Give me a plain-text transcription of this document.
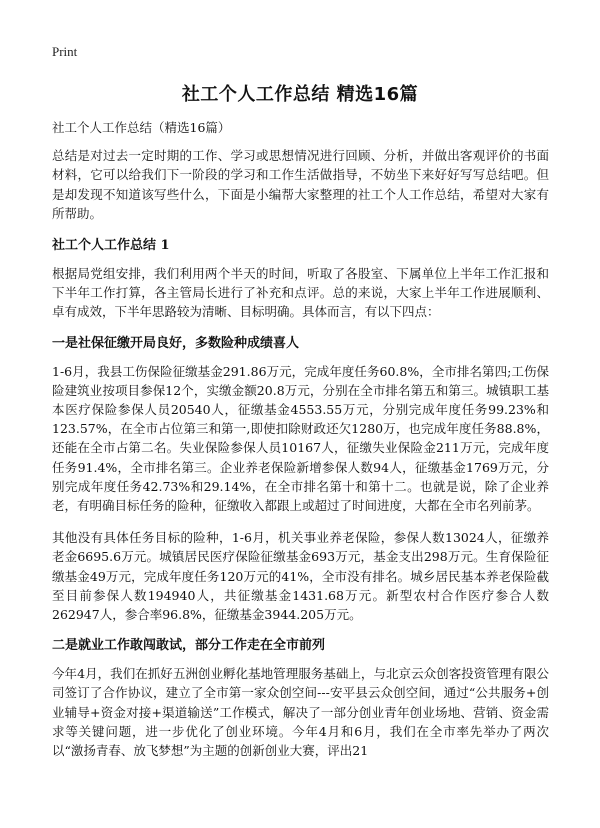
Print
社工个人工作总结 精选16篇

社工个人工作总结（精选16篇）

总结是对过去一定时期的工作、学习或思想情况进行回顾、分析，并做出客观评价的书面材料，它可以给我们下一阶段的学习和工作生活做指导，不妨坐下来好好写写总结吧。但是却发现不知道该写些什么，下面是小编帮大家整理的社工个人工作总结，希望对大家有所帮助。

社工个人工作总结 1

根据局党组安排，我们利用两个半天的时间，听取了各股室、下属单位上半年工作汇报和下半年工作打算，各主管局长进行了补充和点评。总的来说，大家上半年工作进展顺利、卓有成效，下半年思路较为清晰、目标明确。具体而言，有以下四点：

一是社保征缴开局良好，多数险种成绩喜人

1-6月，我县工伤保险征缴基金291.86万元，完成年度任务60.8%，全市排名第四;工伤保险建筑业按项目参保12个，实缴金额20.8万元，分别在全市排名第五和第三。城镇职工基本医疗保险参保人员20540人，征缴基金4553.55万元，分别完成年度任务99.23%和123.57%，在全市占位第三和第一,即使扣除财政还欠1280万，也完成年度任务88.8%，还能在全市占第二名。失业保险参保人员10167人，征缴失业保险金211万元，完成年度任务91.4%，全市排名第三。企业养老保险新增参保人数94人，征缴基金1769万元，分别完成年度任务42.73%和29.14%，在全市排名第十和第十二。也就是说，除了企业养老，有明确目标任务的险种，征缴收入都跟上或超过了时间进度，大都在全市名列前茅。

其他没有具体任务目标的险种，1-6月，机关事业养老保险，参保人数13024人，征缴养老金6695.6万元。城镇居民医疗保险征缴基金693万元，基金支出298万元。生育保险征缴基金49万元，完成年度任务120万元的41%，全市没有排名。城乡居民基本养老保险截至目前参保人数194940人，共征缴基金1431.68万元。新型农村合作医疗参合人数262947人，参合率96.8%，征缴基金3944.205万元。

二是就业工作敢闯敢试，部分工作走在全市前列

今年4月，我们在抓好五洲创业孵化基地管理服务基础上，与北京云众创客投资管理有限公司签订了合作协议，建立了全市第一家众创空间---安平县云众创空间，通过“公共服务+创业辅导+资金对接+渠道输送”工作模式，解决了一部分创业青年创业场地、营销、资金需求等关键问题，进一步优化了创业环境。今年4月和6月，我们在全市率先举办了两次以“激扬青春、放飞梦想”为主题的创新创业大赛，评出21
